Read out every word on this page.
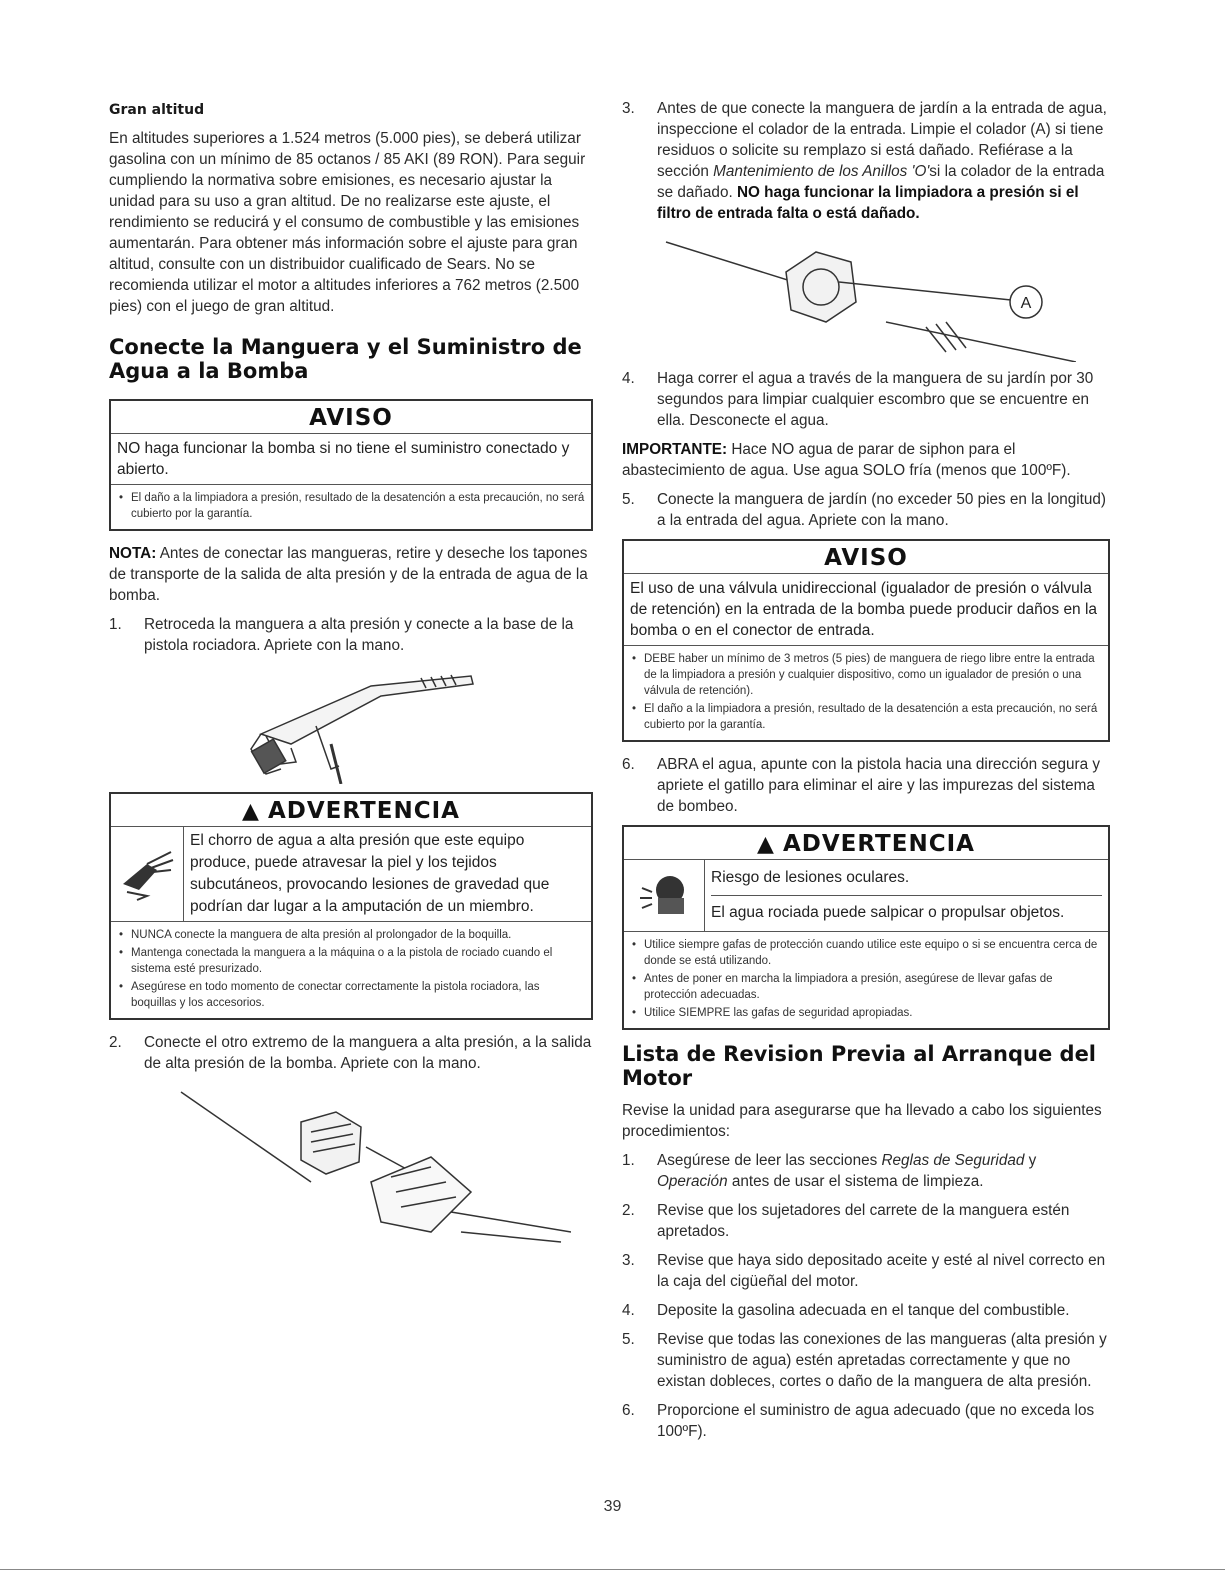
Gran altitud

En altitudes superiores a 1.524 metros (5.000 pies), se deberá utilizar gasolina con un mínimo de 85 octanos / 85 AKI (89 RON). Para seguir cumpliendo la normativa sobre emisiones, es necesario ajustar la unidad para su uso a gran altitud. De no realizarse este ajuste, el rendimiento se reducirá y el consumo de combustible y las emisiones aumentarán. Para obtener más información sobre el ajuste para gran altitud, consulte con un distribuidor cualificado de Sears. No se recomienda utilizar el motor a altitudes inferiores a 762 metros (2.500 pies) con el juego de gran altitud.

Conecte la Manguera y el Suministro de Agua a la Bomba
AVISO
NO haga funcionar la bomba si no tiene el suministro conectado y abierto.
• El daño a la limpiadora a presión, resultado de la desatención a esta precaución, no será cubierto por la garantía.

NOTA: Antes de conectar las mangueras, retire y deseche los tapones de transporte de la salida de alta presión y de la entrada de agua de la bomba.

1.	Retroceda la manguera a alta presión y conecte a la base de la pistola rociadora. Apriete con la mano.
▲ ADVERTENCIA
El chorro de agua a alta presión que este equipo produce, puede atravesar la piel y los tejidos subcutáneos, provocando lesiones de gravedad que podrían dar lugar a la amputación de un miembro.
• NUNCA conecte la manguera de alta presión al prolongador de la boquilla.
• Mantenga conectada la manguera a la máquina o a la pistola de rociado cuando el sistema esté presurizado.
• Asegúrese en todo momento de conectar correctamente la pistola rociadora, las boquillas y los accesorios.
2.	Conecte el otro extremo de la manguera a alta presión, a la salida de alta presión de la bomba. Apriete con la mano.
3.	Antes de que conecte la manguera de jardín a la entrada de agua, inspeccione el colador de la entrada. Limpie el colador (A) si tiene residuos o solicite su remplazo si está dañado. Refiérase a la sección Mantenimiento de los Anillos 'O'si la colador de la entrada se dañado. NO haga funcionar la limpiadora a presión si el filtro de entrada falta o está dañado.
A
4.	Haga correr el agua a través de la manguera de su jardín por 30 segundos para limpiar cualquier escombro que se encuentre en ella. Desconecte el agua.

IMPORTANTE: Hace NO agua de parar de siphon para el abastecimiento de agua. Use agua SOLO fría (menos que 100ºF).

5.	Conecte la manguera de jardín (no exceder 50 pies en la longitud) a la entrada del agua. Apriete con la mano.
AVISO
El uso de una válvula unidireccional (igualador de presión o válvula de retención) en la entrada de la bomba puede producir daños en la bomba o en el conector de entrada.
• DEBE haber un mínimo de 3 metros (5 pies) de manguera de riego libre entre la entrada de la limpiadora a presión y cualquier dispositivo, como un igualador de presión o una válvula de retención).
• El daño a la limpiadora a presión, resultado de la desatención a esta precaución, no será cubierto por la garantía.
6.	ABRA el agua, apunte con la pistola hacia una dirección segura y apriete el gatillo para eliminar el aire y las impurezas del sistema de bombeo.
▲ ADVERTENCIA
Riesgo de lesiones oculares.
El agua rociada puede salpicar o propulsar objetos.
• Utilice siempre gafas de protección cuando utilice este equipo o si se encuentra cerca de donde se está utilizando.
• Antes de poner en marcha la limpiadora a presión, asegúrese de llevar gafas de protección adecuadas.
• Utilice SIEMPRE las gafas de seguridad apropiadas.
Lista de Revision Previa al Arranque del Motor

Revise la unidad para asegurarse que ha llevado a cabo los siguientes procedimientos:

1.	Asegúrese de leer las secciones Reglas de Seguridad y Operación antes de usar el sistema de limpieza.
2.	Revise que los sujetadores del carrete de la manguera estén apretados.
3.	Revise que haya sido depositado aceite y esté al nivel correcto en la caja del cigüeñal del motor.
4.	Deposite la gasolina adecuada en el tanque del combustible.
5.	Revise que todas las conexiones de las mangueras (alta presión y suministro de agua) estén apretadas correctamente y que no existan dobleces, cortes o daño de la manguera de alta presión.
6.	Proporcione el suministro de agua adecuado (que no exceda los 100ºF).
39
